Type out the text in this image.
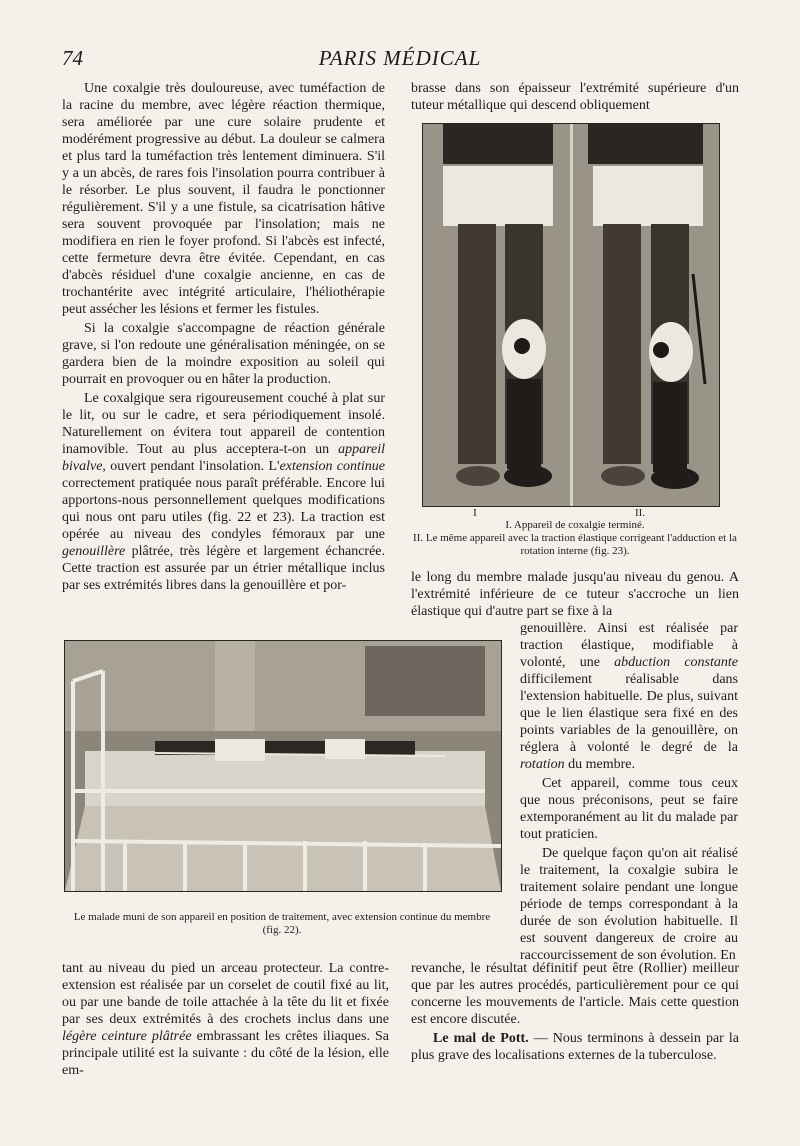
74	PARIS MÉDICAL

Une coxalgie très douloureuse, avec tuméfaction de la racine du membre, avec légère réaction thermique, sera améliorée par une cure solaire prudente et modérément progressive au début. La douleur se calmera et plus tard la tuméfaction très lentement diminuera. S'il y a un abcès, de rares fois l'insolation pourra contribuer à le résorber. Le plus souvent, il faudra le ponctionner régulièrement. S'il y a une fistule, sa cicatrisation hâtive sera souvent provoquée par l'insolation; mais ne modifiera en rien le foyer profond. Si l'abcès est infecté, cette fermeture devra être évitée. Cependant, en cas d'abcès résiduel d'une coxalgie ancienne, en cas de trochantérite avec intégrité articulaire, l'héliothérapie peut assécher les lésions et fermer les fistules.

Si la coxalgie s'accompagne de réaction générale grave, si l'on redoute une généralisation méningée, on se gardera bien de la moindre exposition au soleil qui pourrait en provoquer ou en hâter la production.

Le coxalgique sera rigoureusement couché à plat sur le lit, ou sur le cadre, et sera périodiquement insolé. Naturellement on évitera tout appareil de contention inamovible. Tout au plus acceptera-t-on un appareil bivalve, ouvert pendant l'insolation. L'extension continue correctement pratiquée nous paraît préférable. Encore lui apportons-nous personnellement quelques modifications qui nous ont paru utiles (fig. 22 et 23). La traction est opérée au niveau des condyles fémoraux par une genouillère plâtrée, très légère et largement échancrée. Cette traction est assurée par un étrier métallique inclus par ses extrémités libres dans la genouillère et por-

brasse dans son épaisseur l'extrémité supérieure d'un tuteur métallique qui descend obliquement

I	II.
I. Appareil de coxalgie terminé.
II. Le même appareil avec la traction élastique corrigeant l'adduction et la rotation interne (fig. 23).

le long du membre malade jusqu'au niveau du genou. A l'extrémité inférieure de ce tuteur s'accroche un lien élastique qui d'autre part se fixe à la

genouillère. Ainsi est réalisée par traction élastique, modifiable à volonté, une abduction constante difficilement réalisable dans l'extension habituelle. De plus, suivant que le lien élastique sera fixé en des points variables de la genouillère, on réglera à volonté le degré de la rotation du membre.

Cet appareil, comme tous ceux que nous préconisons, peut se faire extemporanément au lit du malade par tout praticien.

De quelque façon qu'on ait réalisé le traitement, la coxalgie subira le traitement solaire pendant une longue période de temps correspondant à la durée de son évolution habituelle. Il est souvent dangereux de croire au raccourcissement de son évolution. En

Le malade muni de son appareil en position de traitement, avec extension continue du membre (fig. 22).

tant au niveau du pied un arceau protecteur. La contre-extension est réalisée par un corselet de coutil fixé au lit, ou par une bande de toile attachée à la tête du lit et fixée par ses deux extrémités à des crochets inclus dans une légère ceinture plâtrée embrassant les crêtes iliaques. Sa principale utilité est la suivante : du côté de la lésion, elle em-

revanche, le résultat définitif peut être (Rollier) meilleur que par les autres procédés, particulièrement pour ce qui concerne les mouvements de l'article. Mais cette question est encore discutée.

Le mal de Pott. — Nous terminons à dessein par la plus grave des localisations externes de la tuberculose.
